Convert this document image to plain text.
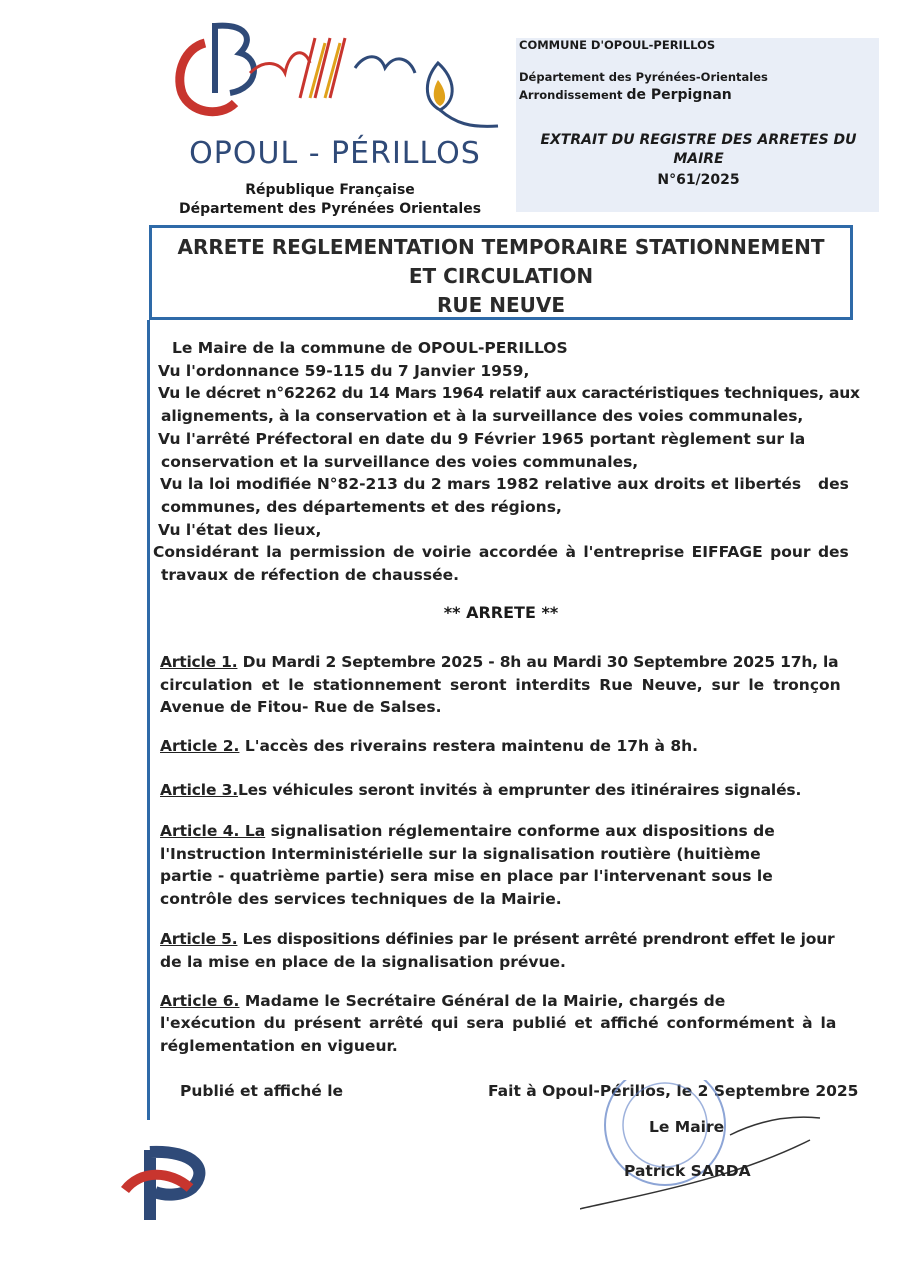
OPOUL - PÉRILLOS
République Française
Département des Pyrénées Orientales
COMMUNE D'OPOUL-PERILLOS
Département des Pyrénées-Orientales
Arrondissement de Perpignan
EXTRAIT DU REGISTRE DES ARRETES DU
MAIRE
N°61/2025
ARRETE REGLEMENTATION TEMPORAIRE STATIONNEMENT
ET CIRCULATION
RUE NEUVE
Le Maire de la commune de OPOUL-PERILLOS
Vu l'ordonnance 59-115 du 7 Janvier 1959,
Vu le décret n°62262 du 14 Mars 1964 relatif aux caractéristiques techniques, aux
alignements, à la conservation et à la surveillance des voies communales,
Vu l'arrêté Préfectoral en date du 9 Février 1965 portant règlement sur la
conservation et la surveillance des voies communales,
Vu la loi modifiée N°82-213 du 2 mars 1982 relative aux droits et libertés des
communes, des départements et des régions,
Vu l'état des lieux,
Considérant la permission de voirie accordée à l'entreprise EIFFAGE pour des
travaux de réfection de chaussée.
** ARRETE **
Article 1. Du Mardi 2 Septembre 2025 - 8h au Mardi 30 Septembre 2025 17h, la
circulation et le stationnement seront interdits Rue Neuve, sur le tronçon
Avenue de Fitou- Rue de Salses.
Article 2. L'accès des riverains restera maintenu de 17h à 8h.
Article 3.Les véhicules seront invités à emprunter des itinéraires signalés.
Article 4. La signalisation réglementaire conforme aux dispositions de
l'Instruction Interministérielle sur la signalisation routière (huitième
partie - quatrième partie) sera mise en place par l'intervenant sous le
contrôle des services techniques de la Mairie.
Article 5. Les dispositions définies par le présent arrêté prendront effet le jour
de la mise en place de la signalisation prévue.
Article 6. Madame le Secrétaire Général de la Mairie, chargés de
l'exécution du présent arrêté qui sera publié et affiché conformément à la
réglementation en vigueur.
Publié et affiché le	Fait à Opoul-Périllos, le 2 Septembre 2025
Le Maire
Patrick SARDA
